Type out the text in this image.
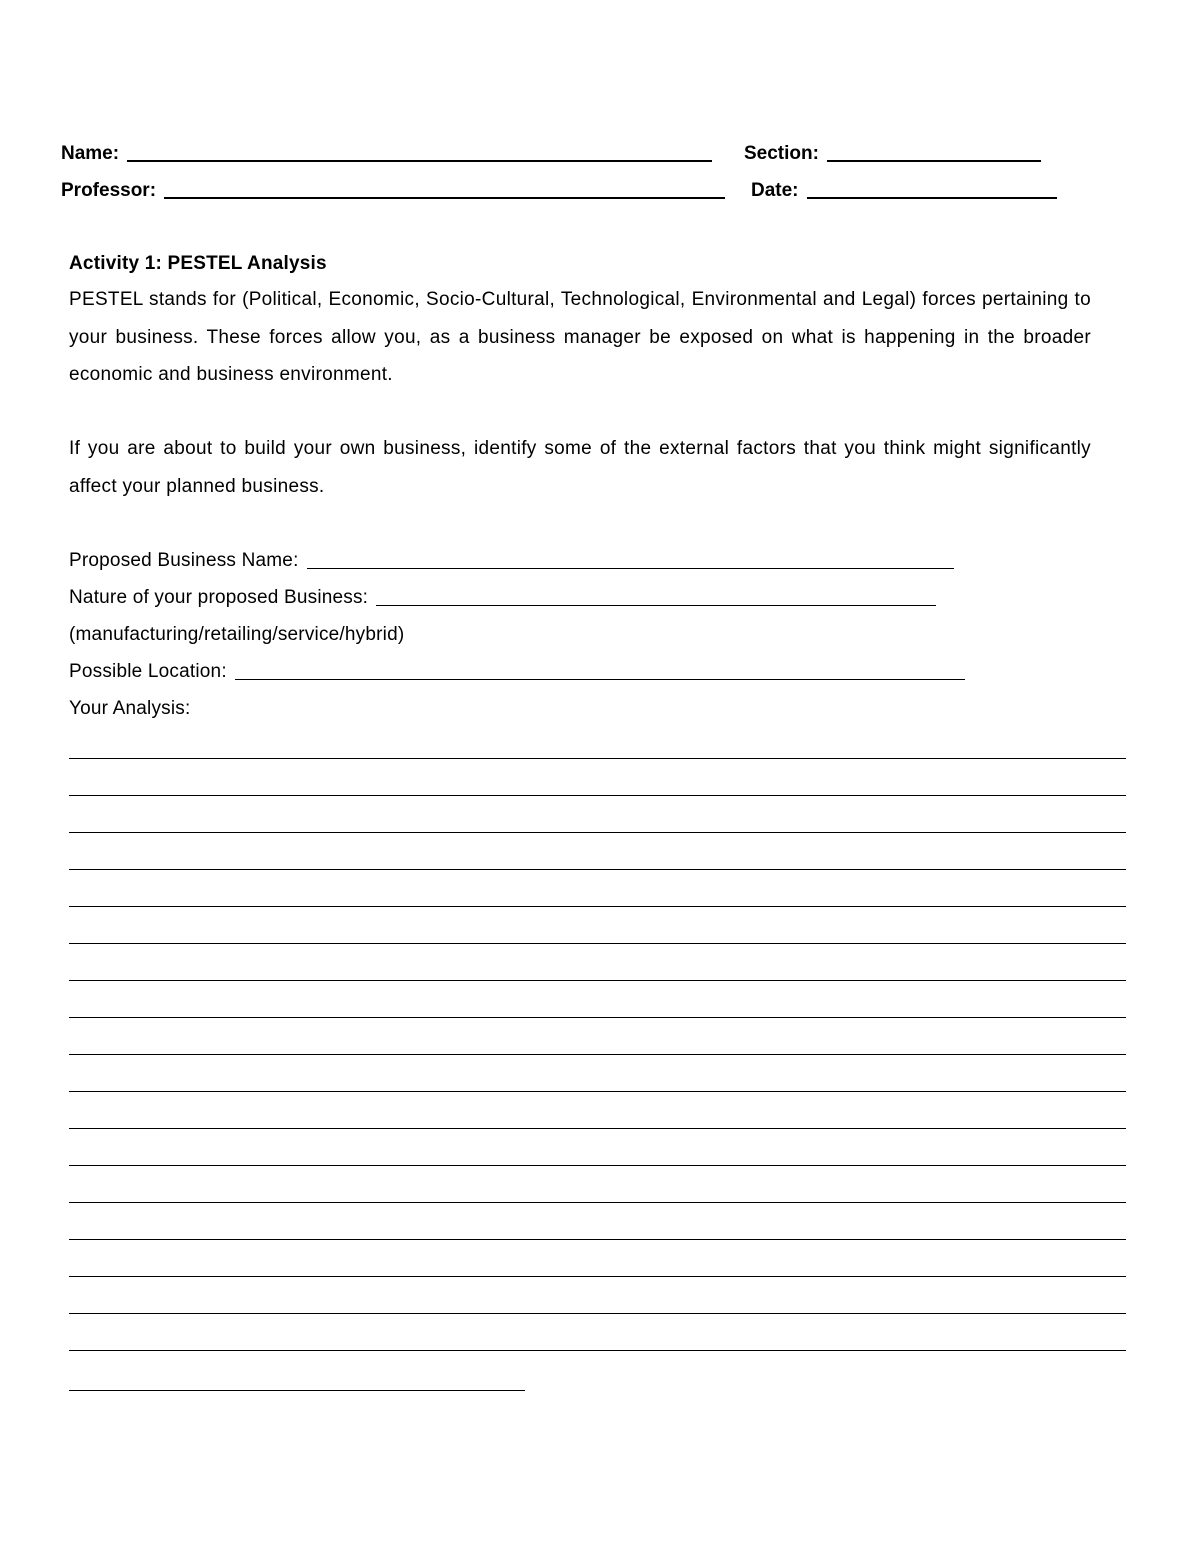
Name:	Section:
Professor:	Date:
Activity 1: PESTEL Analysis

PESTEL stands for (Political, Economic, Socio-Cultural, Technological, Environmental and Legal) forces pertaining to your business. These forces allow you, as a business manager be exposed on what is happening in the broader economic and business environment.

If you are about to build your own business, identify some of the external factors that you think might significantly affect your planned business.

Proposed Business Name:
Nature of your proposed Business:
(manufacturing/retailing/service/hybrid)
Possible Location:
Your Analysis:
